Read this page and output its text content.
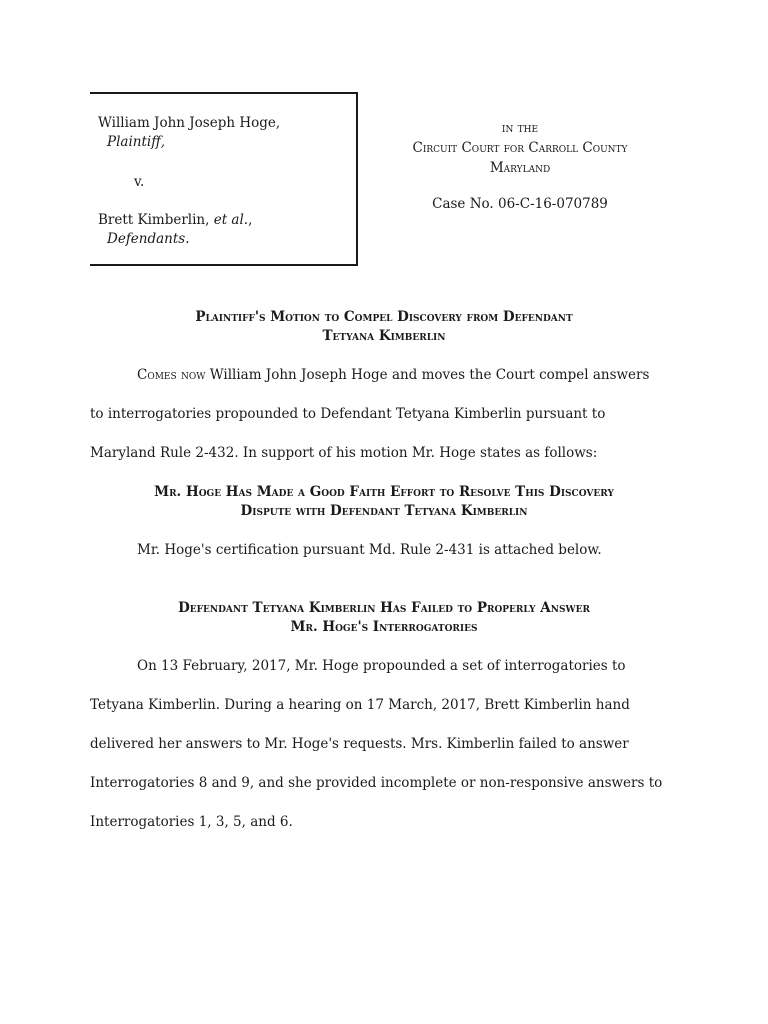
William John Joseph Hoge,
Plaintiff,
v.
Brett Kimberlin, et al.,
Defendants.
in the
Circuit Court for Carroll County
Maryland
Case No. 06-C-16-070789
Plaintiff's Motion to Compel Discovery from Defendant
Tetyana Kimberlin
Comes now William John Joseph Hoge and moves the Court compel answers
to interrogatories propounded to Defendant Tetyana Kimberlin pursuant to
Maryland Rule 2-432. In support of his motion Mr. Hoge states as follows:
Mr. Hoge Has Made a Good Faith Effort to Resolve This Discovery
Dispute with Defendant Tetyana Kimberlin
Mr. Hoge's certification pursuant Md. Rule 2-431 is attached below.
Defendant Tetyana Kimberlin Has Failed to Properly Answer
Mr. Hoge's Interrogatories
On 13 February, 2017, Mr. Hoge propounded a set of interrogatories to
Tetyana Kimberlin. During a hearing on 17 March, 2017, Brett Kimberlin hand
delivered her answers to Mr. Hoge's requests. Mrs. Kimberlin failed to answer
Interrogatories 8 and 9, and she provided incomplete or non-responsive answers to
Interrogatories 1, 3, 5, and 6.
